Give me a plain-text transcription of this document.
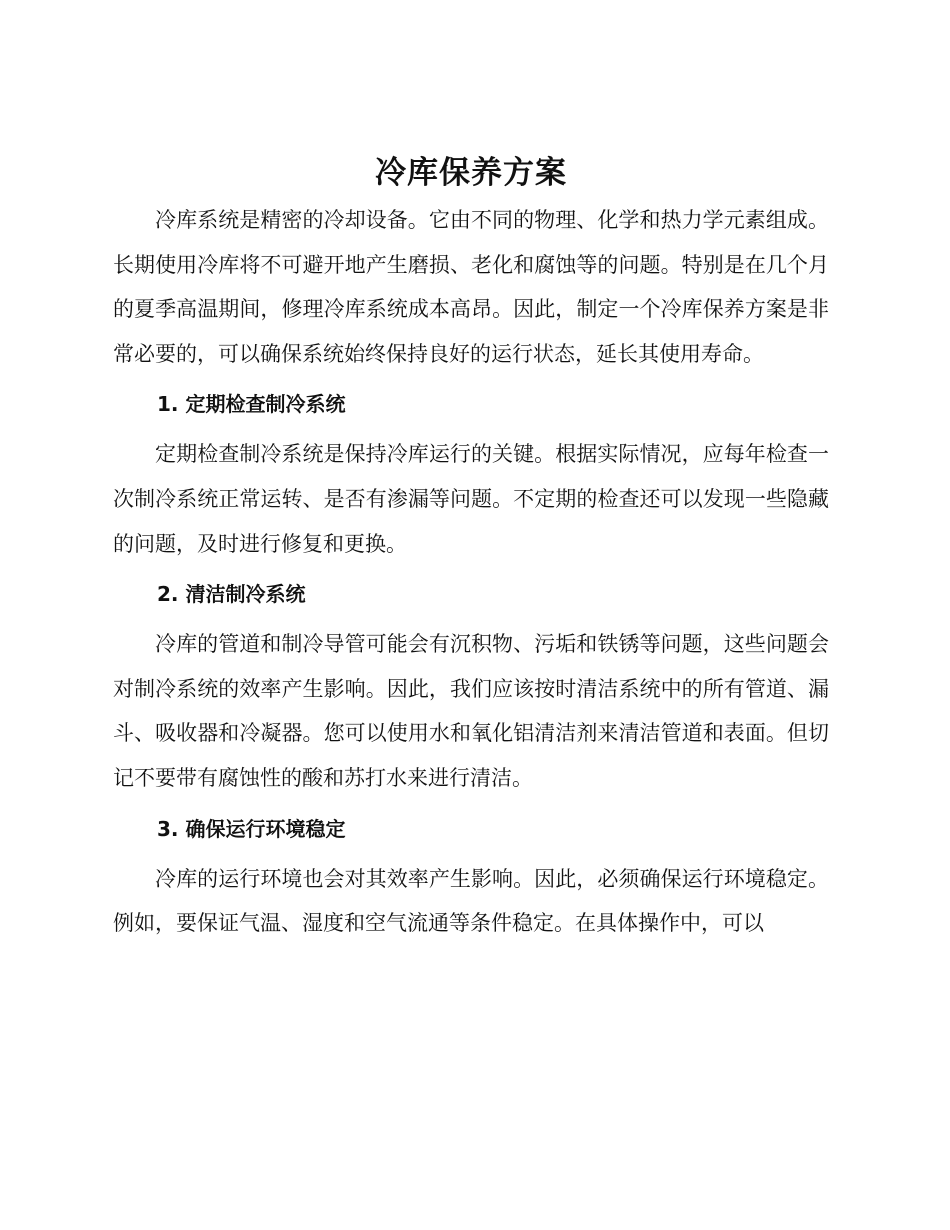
冷库保养方案

冷库系统是精密的冷却设备。它由不同的物理、化学和热力学元素组成。长期使用冷库将不可避开地产生磨损、老化和腐蚀等的问题。特别是在几个月的夏季高温期间，修理冷库系统成本高昂。因此，制定一个冷库保养方案是非常必要的，可以确保系统始终保持良好的运行状态，延长其使用寿命。

1. 定期检查制冷系统

定期检查制冷系统是保持冷库运行的关键。根据实际情况，应每年检查一次制冷系统正常运转、是否有渗漏等问题。不定期的检查还可以发现一些隐藏的问题，及时进行修复和更换。

2. 清洁制冷系统

冷库的管道和制冷导管可能会有沉积物、污垢和铁锈等问题，这些问题会对制冷系统的效率产生影响。因此，我们应该按时清洁系统中的所有管道、漏斗、吸收器和冷凝器。您可以使用水和氧化铝清洁剂来清洁管道和表面。但切记不要带有腐蚀性的酸和苏打水来进行清洁。

3. 确保运行环境稳定

冷库的运行环境也会对其效率产生影响。因此，必须确保运行环境稳定。例如，要保证气温、湿度和空气流通等条件稳定。在具体操作中，可以
